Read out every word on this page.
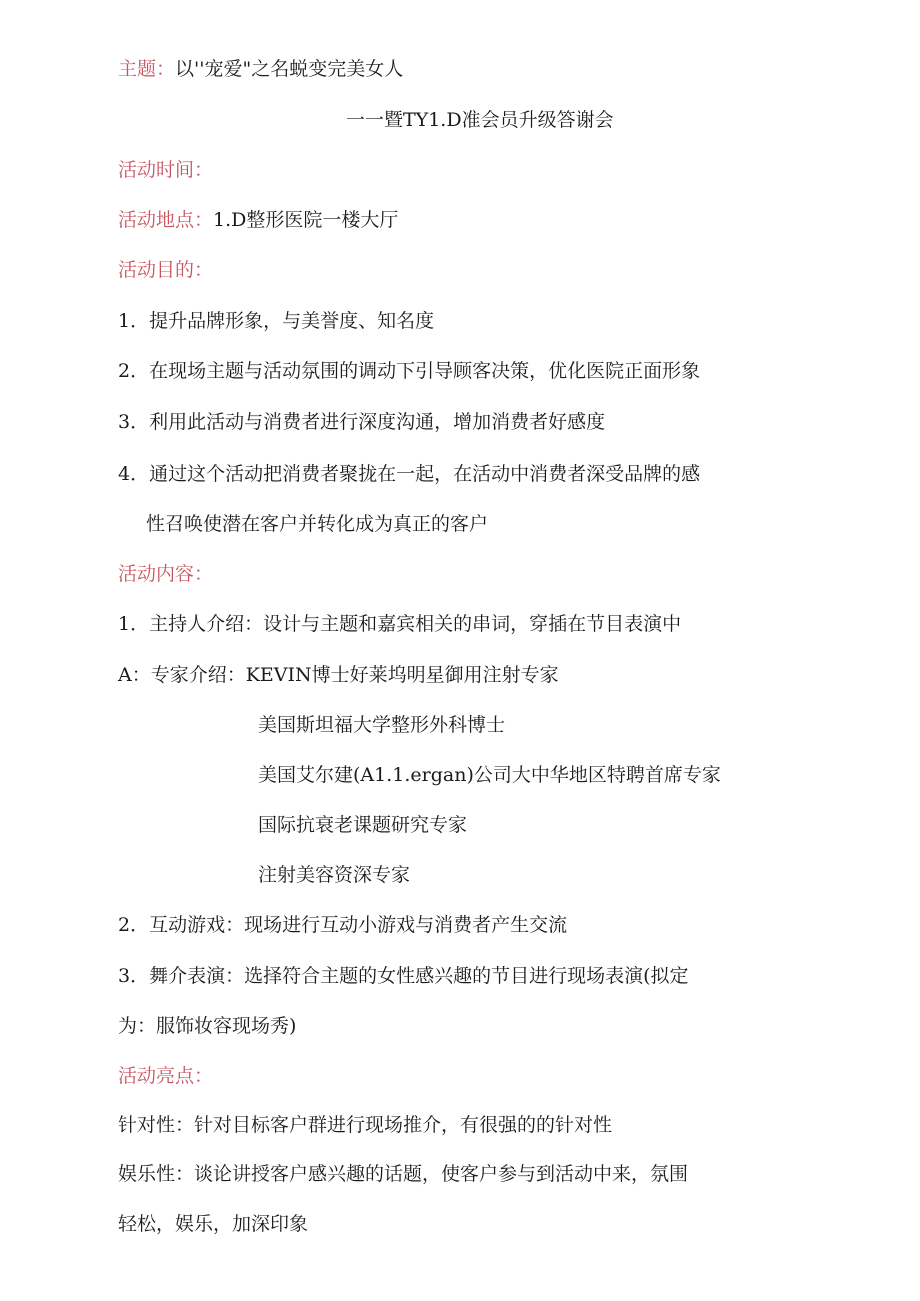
主题：以''宠爱"之名蜕变完美女人
一一暨TY1.D准会员升级答谢会
活动时间：
活动地点：1.D整形医院一楼大厅
活动目的：
1．提升品牌形象，与美誉度、知名度
2．在现场主题与活动氛围的调动下引导顾客决策，优化医院正面形象
3．利用此活动与消费者进行深度沟通，增加消费者好感度
4．通过这个活动把消费者聚拢在一起，在活动中消费者深受品牌的感
性召唤使潜在客户并转化成为真正的客户
活动内容：
1．主持人介绍：设计与主题和嘉宾相关的串词，穿插在节目表演中
A：专家介绍：KEVIN博士好莱坞明星御用注射专家
美国斯坦福大学整形外科博士
美国艾尔建(A1.1.ergan)公司大中华地区特聘首席专家
国际抗衰老课题研究专家
注射美容资深专家
2．互动游戏：现场进行互动小游戏与消费者产生交流
3．舞介表演：选择符合主题的女性感兴趣的节目进行现场表演(拟定
为：服饰妆容现场秀)
活动亮点：
针对性：针对目标客户群进行现场推介，有很强的的针对性
娱乐性：谈论讲授客户感兴趣的话题，使客户参与到活动中来，氛围
轻松，娱乐，加深印象
